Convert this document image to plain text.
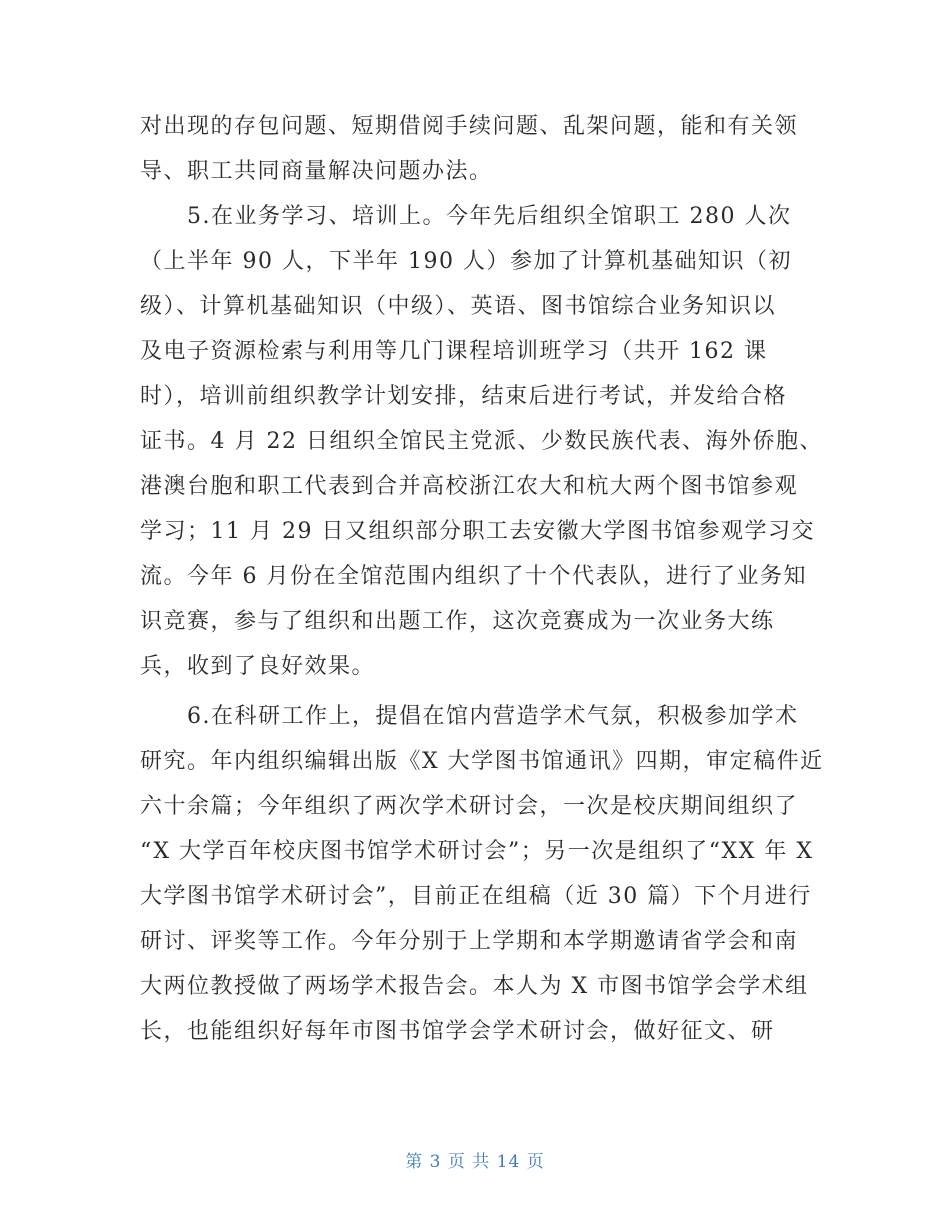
对出现的存包问题、短期借阅手续问题、乱架问题，能和有关领
导、职工共同商量解决问题办法。
　　5.在业务学习、培训上。今年先后组织全馆职工 280 人次
（上半年 90 人，下半年 190 人）参加了计算机基础知识（初
级）、计算机基础知识（中级）、英语、图书馆综合业务知识以
及电子资源检索与利用等几门课程培训班学习（共开 162 课
时），培训前组织教学计划安排，结束后进行考试，并发给合格
证书。4 月 22 日组织全馆民主党派、少数民族代表、海外侨胞、
港澳台胞和职工代表到合并高校浙江农大和杭大两个图书馆参观
学习；11 月 29 日又组织部分职工去安徽大学图书馆参观学习交
流。今年 6 月份在全馆范围内组织了十个代表队，进行了业务知
识竞赛，参与了组织和出题工作，这次竞赛成为一次业务大练
兵，收到了良好效果。
　　6.在科研工作上，提倡在馆内营造学术气氛，积极参加学术
研究。年内组织编辑出版《X 大学图书馆通讯》四期，审定稿件近
六十余篇；今年组织了两次学术研讨会，一次是校庆期间组织了
“X 大学百年校庆图书馆学术研讨会”；另一次是组织了“XX 年 X
大学图书馆学术研讨会”，目前正在组稿（近 30 篇）下个月进行
研讨、评奖等工作。今年分别于上学期和本学期邀请省学会和南
大两位教授做了两场学术报告会。本人为 X 市图书馆学会学术组
长，也能组织好每年市图书馆学会学术研讨会，做好征文、研
第 3 页 共 14 页
